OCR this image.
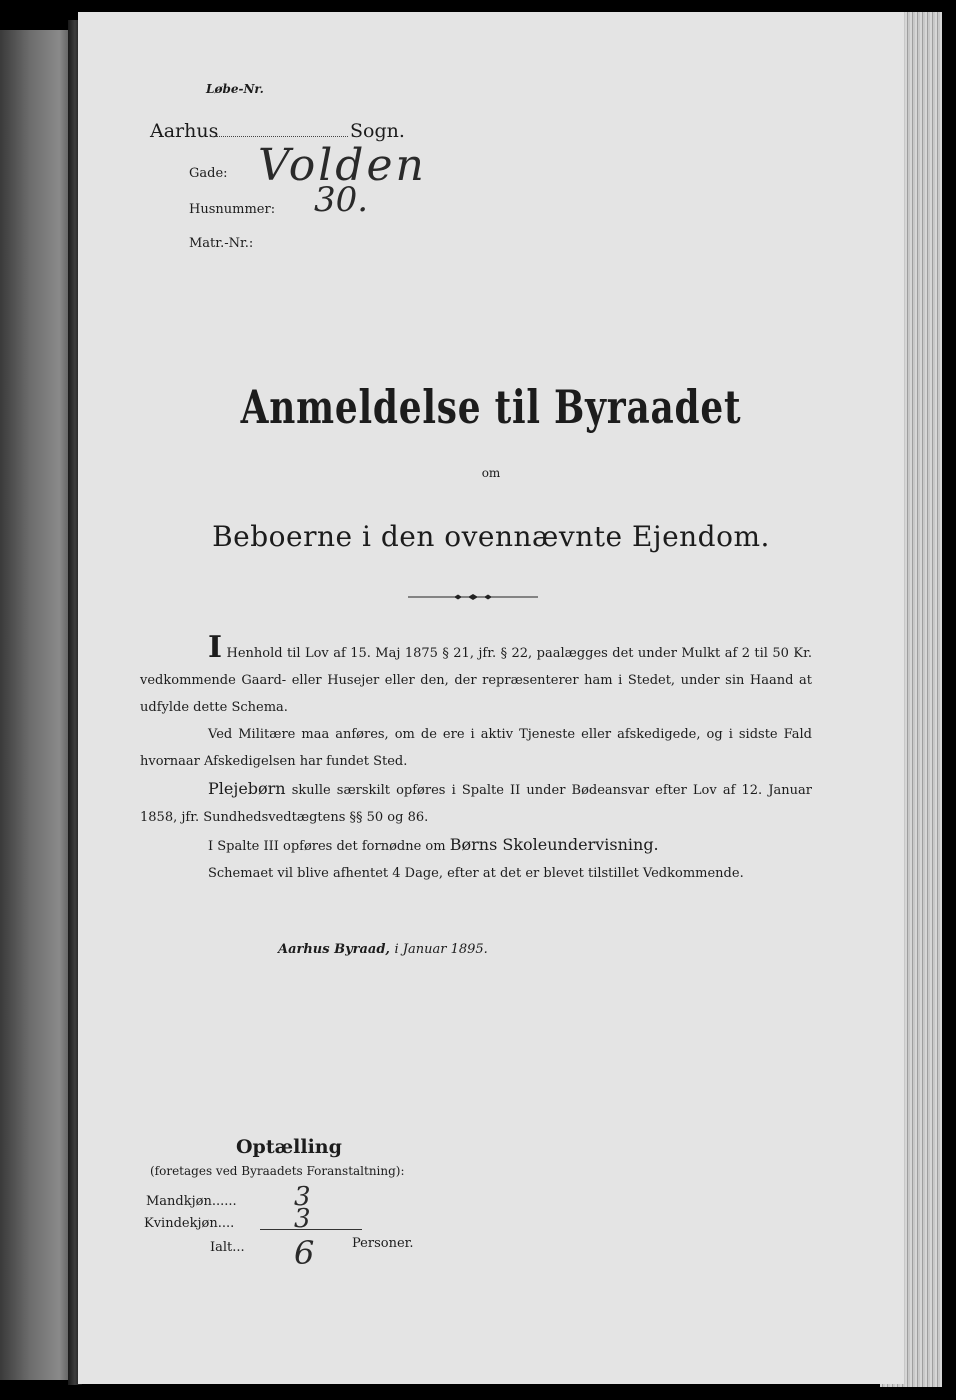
Løbe-Nr.
Aarhus	Sogn.
Gade: Volden
Husnummer: 30.
Matr.-Nr.:
Anmeldelse til Byraadet
om
Beboerne i den ovennævnte Ejendom.

I Henhold til Lov af 15. Maj 1875 § 21, jfr. § 22, paalægges det under Mulkt af 2 til 50 Kr. vedkommende Gaard- eller Husejer eller den, der repræsenterer ham i Stedet, under sin Haand at udfylde dette Schema.

Ved Militære maa anføres, om de ere i aktiv Tjeneste eller afskedigede, og i sidste Fald hvornaar Afskedigelsen har fundet Sted.

Plejebørn skulle særskilt opføres i Spalte II under Bødeansvar efter Lov af 12. Januar 1858, jfr. Sundhedsvedtægtens §§ 50 og 86.

I Spalte III opføres det fornødne om Børns Skoleundervisning.

Schemaet vil blive afhentet 4 Dage, efter at det er blevet tilstillet Vedkommende.

Aarhus Byraad, i Januar 1895.
Optælling
(foretages ved Byraadets Foranstaltning):
Mandkjøn...... 3
Kvindekjøn.... 3
Ialt... 6	Personer.
